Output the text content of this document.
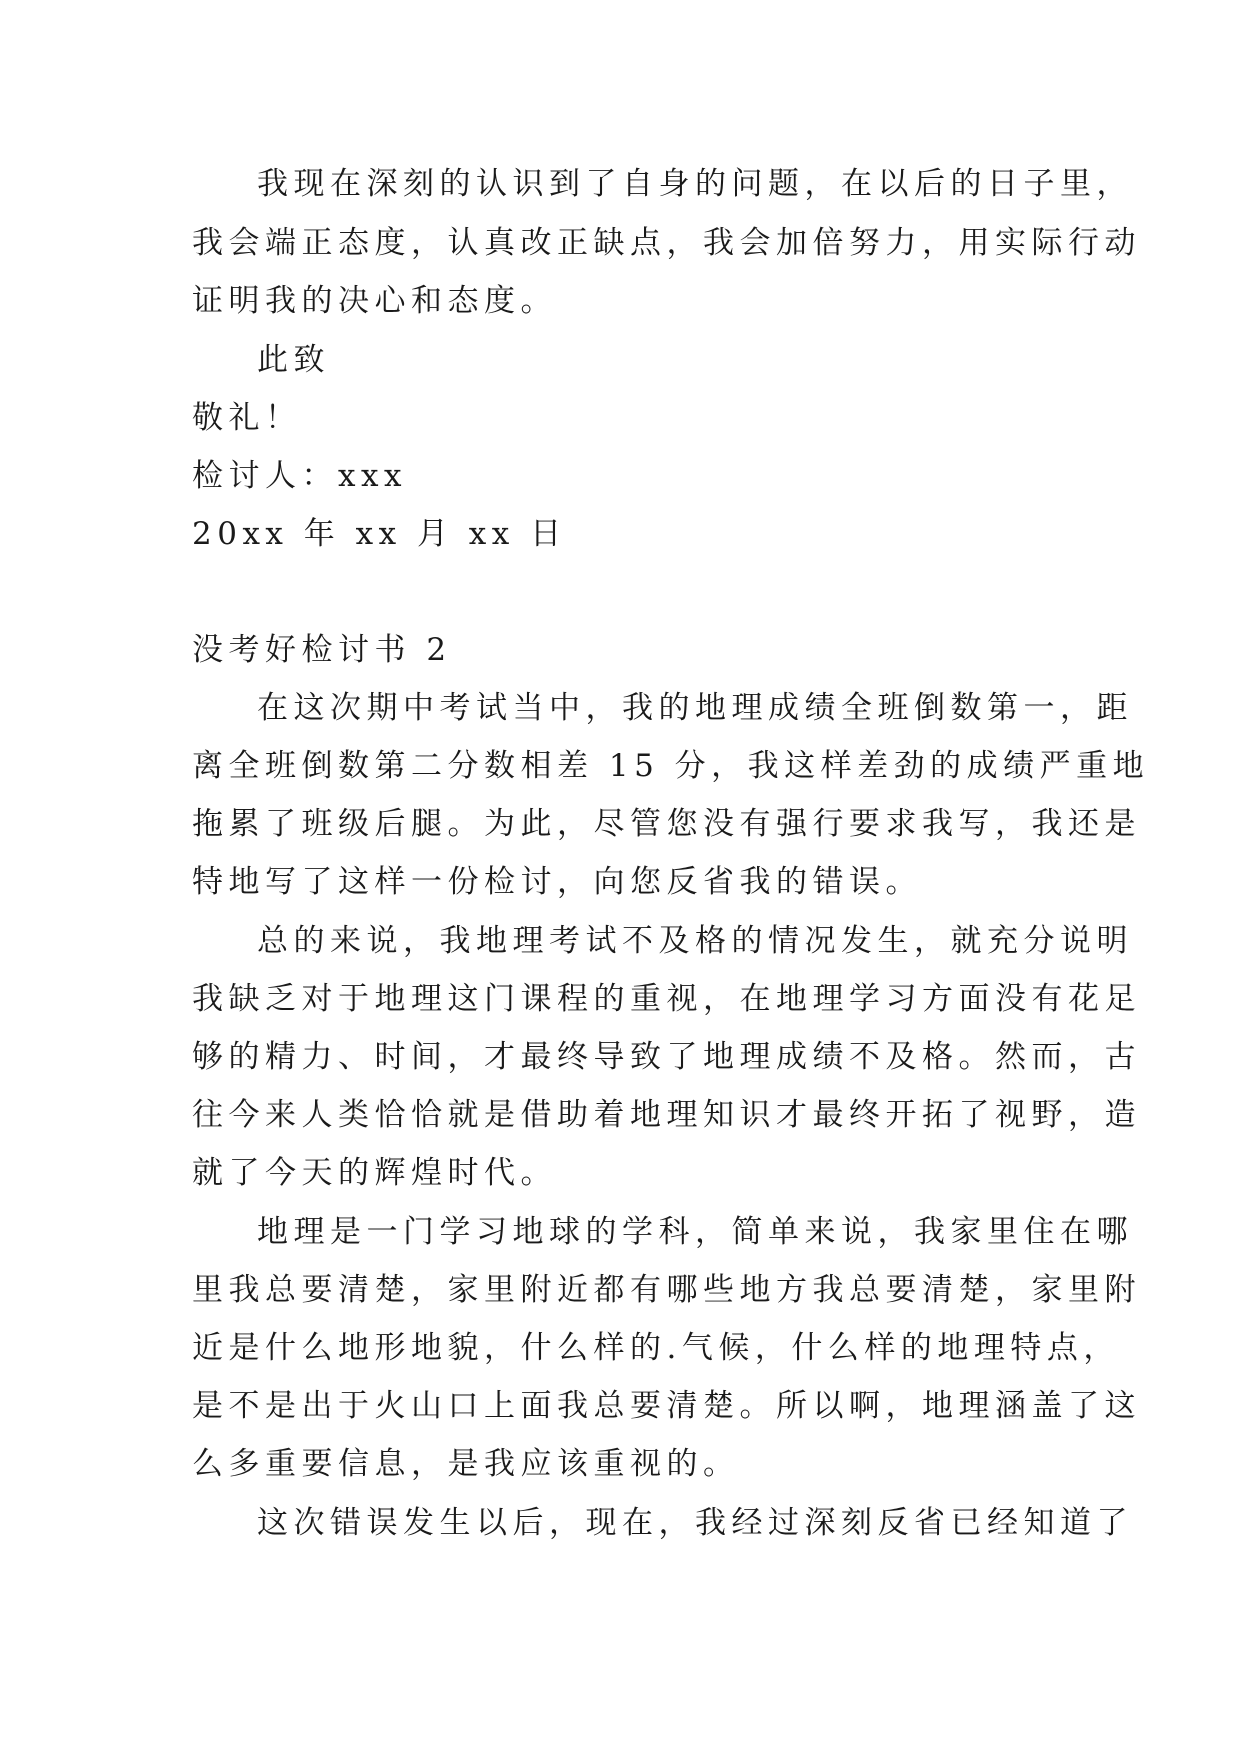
我现在深刻的认识到了自身的问题，在以后的日子里，
我会端正态度，认真改正缺点，我会加倍努力，用实际行动
证明我的决心和态度。
此致
敬礼！
检讨人：xxx
20xx 年 xx 月 xx 日
没考好检讨书 2
在这次期中考试当中，我的地理成绩全班倒数第一，距
离全班倒数第二分数相差 15 分，我这样差劲的成绩严重地
拖累了班级后腿。为此，尽管您没有强行要求我写，我还是
特地写了这样一份检讨，向您反省我的错误。
总的来说，我地理考试不及格的情况发生，就充分说明
我缺乏对于地理这门课程的重视，在地理学习方面没有花足
够的精力、时间，才最终导致了地理成绩不及格。然而，古
往今来人类恰恰就是借助着地理知识才最终开拓了视野，造
就了今天的辉煌时代。
地理是一门学习地球的学科，简单来说，我家里住在哪
里我总要清楚，家里附近都有哪些地方我总要清楚，家里附
近是什么地形地貌，什么样的.气候，什么样的地理特点，
是不是出于火山口上面我总要清楚。所以啊，地理涵盖了这
么多重要信息，是我应该重视的。
这次错误发生以后，现在，我经过深刻反省已经知道了
